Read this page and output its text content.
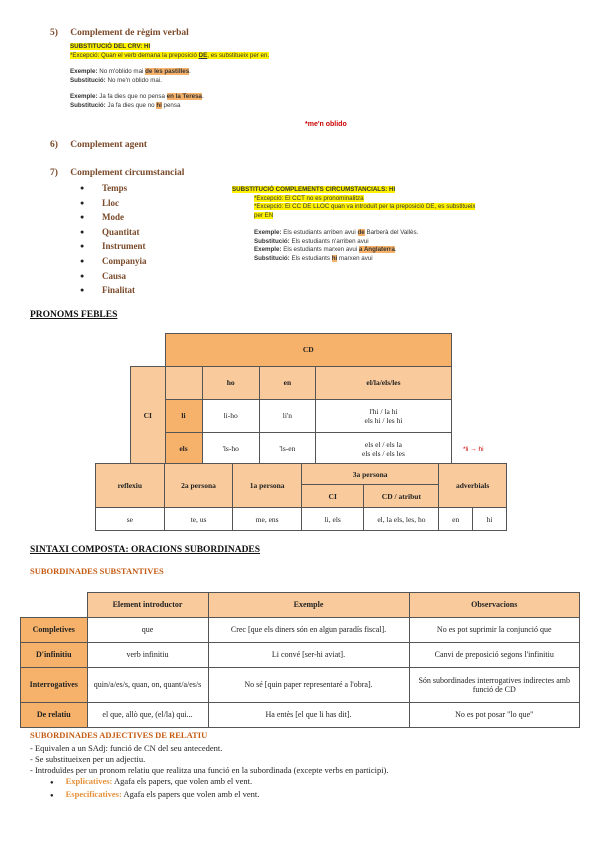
5) Complement de règim verbal
SUBSTITUCIÓ DEL CRV: HI
*Excepció: Quan el verb demana la preposició DE, es substitueix per en.
Exemple: No m'oblido mai de les pastilles.
Substitució: No me'n oblido mai.
Exemple: Ja fa dies que no pensa en la Teresa.
Substitució: Ja fa dies que no hi pensa
*me'n oblido
6) Complement agent
7) Complement circumstancial
● Temps
● Lloc
● Mode
● Quantitat
● Instrument
● Companyia
● Causa
● Finalitat
SUBSTITUCIÓ COMPLEMENTS CIRCUMSTANCIALS: HI
*Excepció: El CCT no es pronominalitza
*Excepció: El CC DE LLOC quan va introduït per la preposició DE, es substitueix per EN
Exemple: Els estudiants arriben avui de Barberà del Vallès.
Substitució: Els estudiants n'arriben avui
Exemple: Els estudiants marxen avui a Anglaterra.
Substitució: Els estudiants hi marxen avui
PRONOMS FEBLES
	CD			
CI		ho	en	el/la/els/les
	li	li-ho	li'n	l'hi / la hi
els hi / les hi

	els	'ls-ho	'ls-en	els el / els la
els els / els les	*li → hi
reflexiu	2a persona	1a persona	3a persona		adverbials	
			CI	CD / atribut		
se	te, us	me, ens	li, els	el, la els, les, ho	en	hi
SINTAXI COMPOSTA: ORACIONS SUBORDINADES
SUBORDINADES SUBSTANTIVES
	Element introductor	Exemple	Observacions
Completives	que	Crec [que els diners són en algun paradís fiscal].	No es pot suprimir la conjunció que
D'infinitiu	verb infinitiu	Li convé [ser-hi aviat].	Canvi de preposició segons l'infinitiu
Interrogatives	quin/a/es/s, quan, on, quant/a/es/s	No sé [quin paper representaré a l'obra].	Són subordinades interrogatives indirectes amb funció de CD
De relatiu	el que, allò que, (el/la) qui...	Ha entès [el que li has dit].	No es pot posar "lo que"
SUBORDINADES ADJECTIVES DE RELATIU
- Equivalen a un SAdj: funció de CN del seu antecedent.
- Se substitueixen per un adjectiu.
- Introduïdes per un pronom relatiu que realitza una funció en la subordinada (excepte verbs en participi).
● Explicatives: Agafa els papers, que volen amb el vent.
● Especificatives: Agafa els papers que volen amb el vent.
